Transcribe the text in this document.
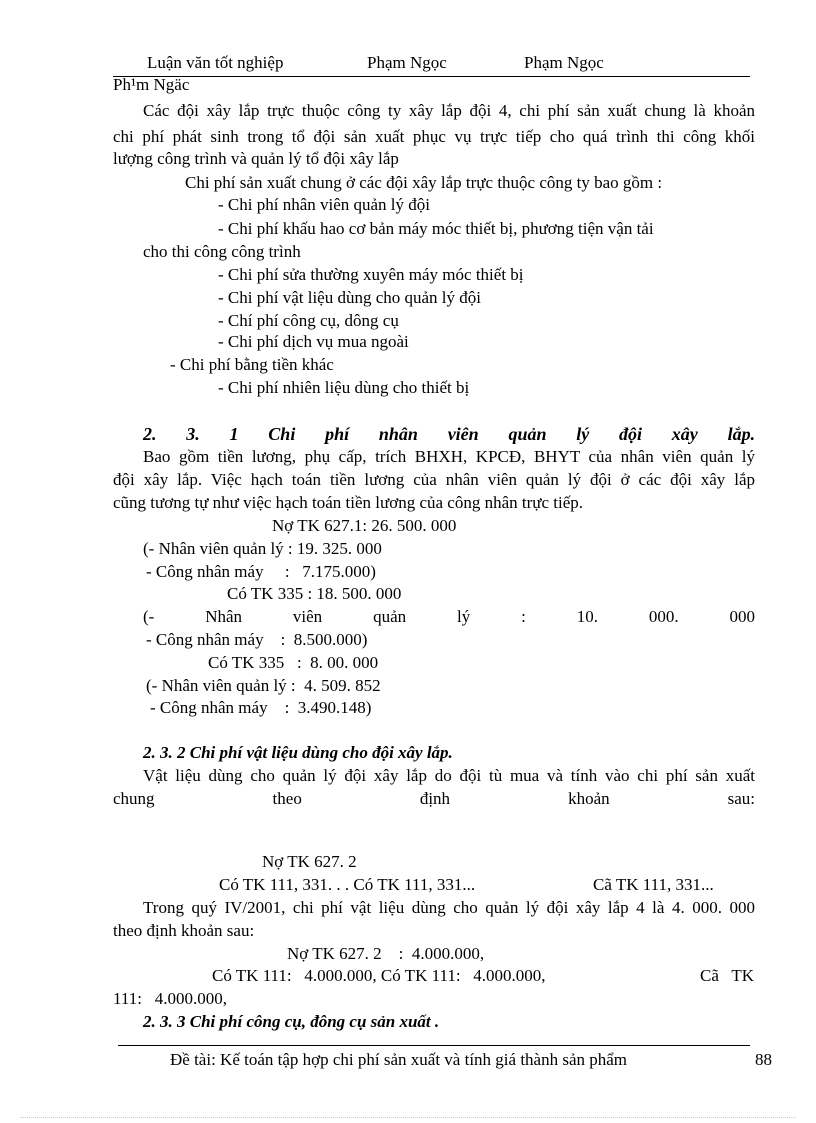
Luận văn tốt nghiệp	Phạm Ngọc	Phạm Ngọc
Ph¹m Ngäc
Các đội xây lắp trực thuộc công ty xây lắp đội 4, chi phí sản xuất chung là khoản
chi phí phát sinh trong tổ đội sản xuất phục vụ trực tiếp cho quá trình thi công khối
lượng công trình và quản lý tổ đội xây lắp
Chi phí sản xuất chung ở các đội xây lắp trực thuộc công ty bao gồm :
- Chi phí nhân viên quản lý đội
- Chi phí khấu hao cơ bản máy móc thiết bị, phương tiện vận tải
cho thi công công trình
- Chi phí sửa thường xuyên máy móc thiết bị
- Chi phí vật liệu dùng cho quản lý đội
- Chí phí công cụ, dông cụ
- Chi phí dịch vụ mua ngoài
- Chi phí bằng tiền khác
- Chi phí nhiên liệu dùng cho thiết bị
2. 3. 1 Chi phí nhân viên quản lý đội xây lắp.
Bao gồm tiền lương, phụ cấp, trích BHXH, KPCĐ, BHYT của nhân viên quản lý
đội xây lắp. Việc hạch toán tiền lương của nhân viên quản lý đội ở các đội xây lắp
cũng tương tự như việc hạch toán tiền lương của công nhân trực tiếp.
Nợ TK 627.1: 26. 500. 000
(- Nhân viên quản lý : 19. 325. 000
- Công nhân máy     :   7.175.000)
Có TK 335 : 18. 500. 000
(-	Nhân	viên	quản	lý	:	10.	000.	000
- Công nhân máy    :  8.500.000)
Có TK 335   :  8. 00. 000
(- Nhân viên quản lý :  4. 509. 852
- Công nhân máy    :  3.490.148)
2. 3. 2 Chi phí vật liệu dùng cho đội xây lắp.
Vật liệu dùng cho quản lý đội xây lắp do đội tù mua và tính vào chi phí sản xuất
chung	theo	định	khoản	sau:
Nợ TK 627. 2
Có TK 111, 331. . . Có TK 111, 331...	Cã TK 111, 331...
Trong quý IV/2001, chi phí vật liệu dùng cho quản lý đội xây lắp 4 là 4. 000. 000
theo định khoản sau:
Nợ TK 627. 2    :  4.000.000,
Có TK 111:   4.000.000, Có TK 111:   4.000.000,	Cã   TK
111:   4.000.000,
2. 3. 3 Chi phí công cụ, đông cụ sản xuất .
Đề tài: Kế toán tập hợp chi phí sản xuất và tính giá thành sản phẩm	88
